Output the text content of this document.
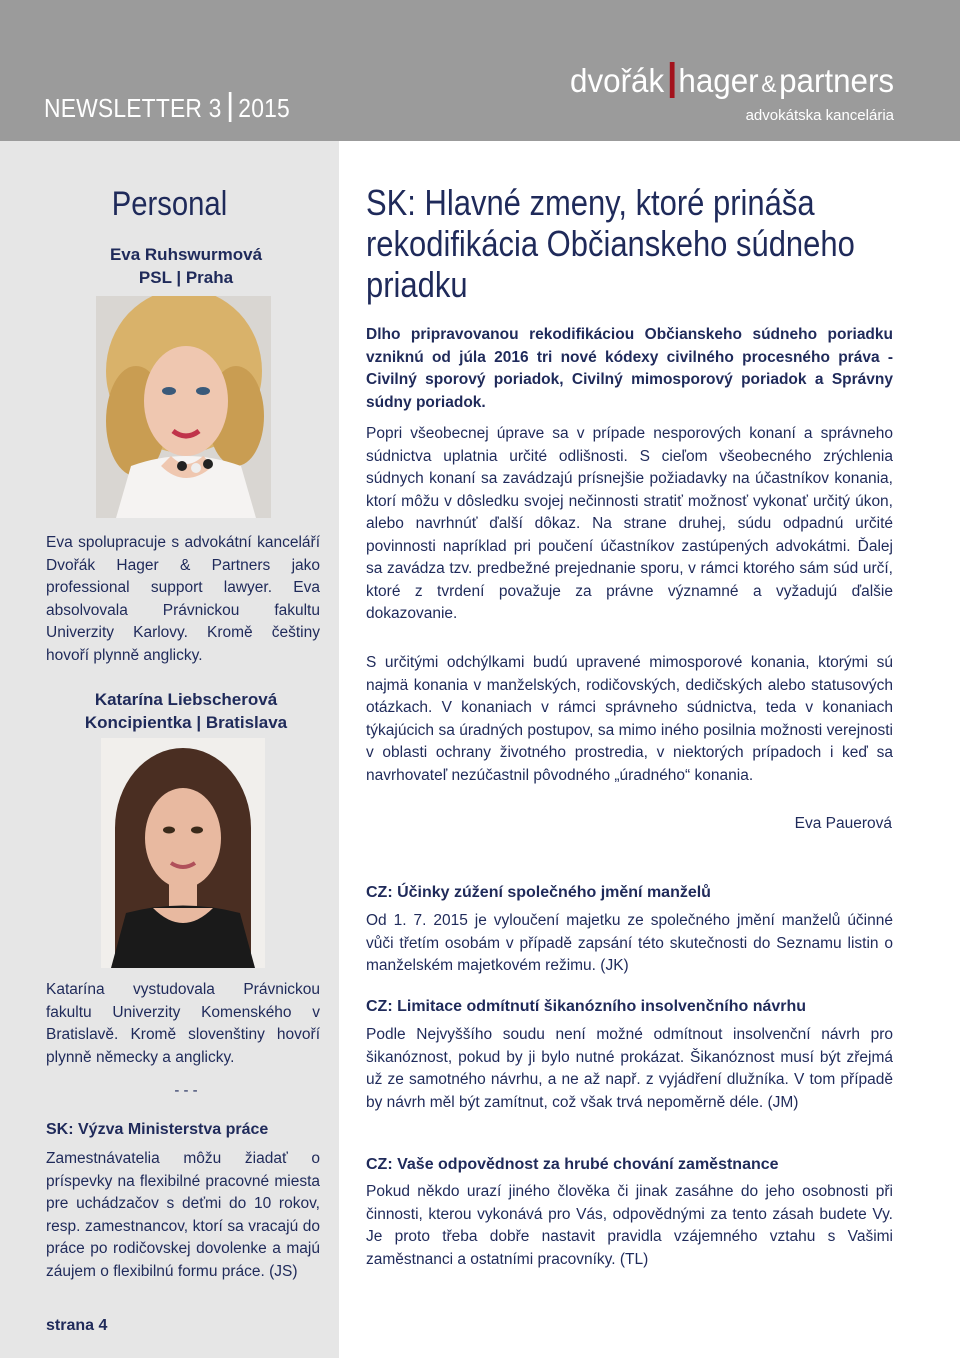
NEWSLETTER 3 2015
dvořák hager  & partners
advokátska kancelária
Personal
Eva Ruhswurmová
PSL | Praha
Eva spolupracuje s advokátní kanceláří Dvořák Hager & Partners jako professional support lawyer. Eva absolvovala Právnickou fakultu Univerzity Karlovy. Kromě češtiny hovoří plynně anglicky.
Katarína Liebscherová
Koncipientka | Bratislava
Katarína vystudovala Právnickou fakultu Univerzity Komenského v Bratislavě. Kromě slovenštiny hovoří plynně německy a anglicky.
- - -
SK: Výzva Ministerstva práce
Zamestnávatelia môžu žiadať o príspevky na flexibilné pracovné miesta pre uchádzačov s deťmi do 10 rokov, resp. zamestnancov, ktorí sa vracajú do práce po rodičovskej dovolenke a majú záujem o flexibilnú formu práce. (JS)
strana 4
SK: Hlavné zmeny, ktoré prináša rekodifikácia Občianskeho súdneho priadku
Dlho pripravovanou rekodifikáciou Občianskeho súdneho poriadku vzniknú od júla 2016 tri nové kódexy civilného procesného práva - Civilný sporový poriadok, Civilný mimosporový poriadok a Správny súdny poriadok.
Popri všeobecnej úprave sa v prípade nesporových konaní a správneho súdnictva uplatnia určité odlišnosti. S cieľom všeobecného zrýchlenia súdnych konaní sa zavádzajú prísnejšie požiadavky na účastníkov konania, ktorí môžu v dôsledku svojej nečinnosti stratiť možnosť vykonať určitý úkon, alebo navrhnúť ďalší dôkaz. Na strane druhej, súdu odpadnú určité povinnosti napríklad pri poučení účastníkov zastúpených advokátmi. Ďalej sa zavádza tzv. predbežné prejednanie sporu, v rámci ktorého sám súd určí, ktoré z tvrdení považuje za právne významné a vyžadujú ďalšie dokazovanie.
S určitými odchýlkami budú upravené mimosporové konania, ktorými sú najmä konania v manželských, rodičovských, dedičských alebo statusových otázkach. V konaniach v rámci správneho súdnictva, teda v konaniach týkajúcich sa úradných postupov, sa mimo iného posilnia možnosti verejnosti v oblasti ochrany životného prostredia, v niektorých prípadoch i keď sa navrhovateľ nezúčastnil pôvodného „úradného“ konania.
Eva Pauerová
CZ: Účinky zúžení společného jmění manželů
Od 1. 7. 2015 je vyloučení majetku ze společného jmění manželů účinné vůči třetím osobám v případě zapsání této skutečnosti do Seznamu listin o manželském majetkovém režimu. (JK)
CZ: Limitace odmítnutí šikanózního insolvenčního návrhu
Podle Nejvyššího soudu není možné odmítnout insolvenční návrh pro šikanóznost, pokud by ji bylo nutné prokázat. Šikanóznost musí být zřejmá už ze samotného návrhu, a ne až např. z vyjádření dlužníka. V tom případě by návrh měl být zamítnut, což však trvá nepoměrně déle. (JM)
CZ: Vaše odpovědnost za hrubé chování zaměstnance
Pokud někdo urazí jiného člověka či jinak zasáhne do jeho osobnosti při činnosti, kterou vykonává pro Vás, odpovědnými za tento zásah budete Vy. Je proto třeba dobře nastavit pravidla vzájemného vztahu s Vašimi zaměstnanci a ostatními pracovníky. (TL)
